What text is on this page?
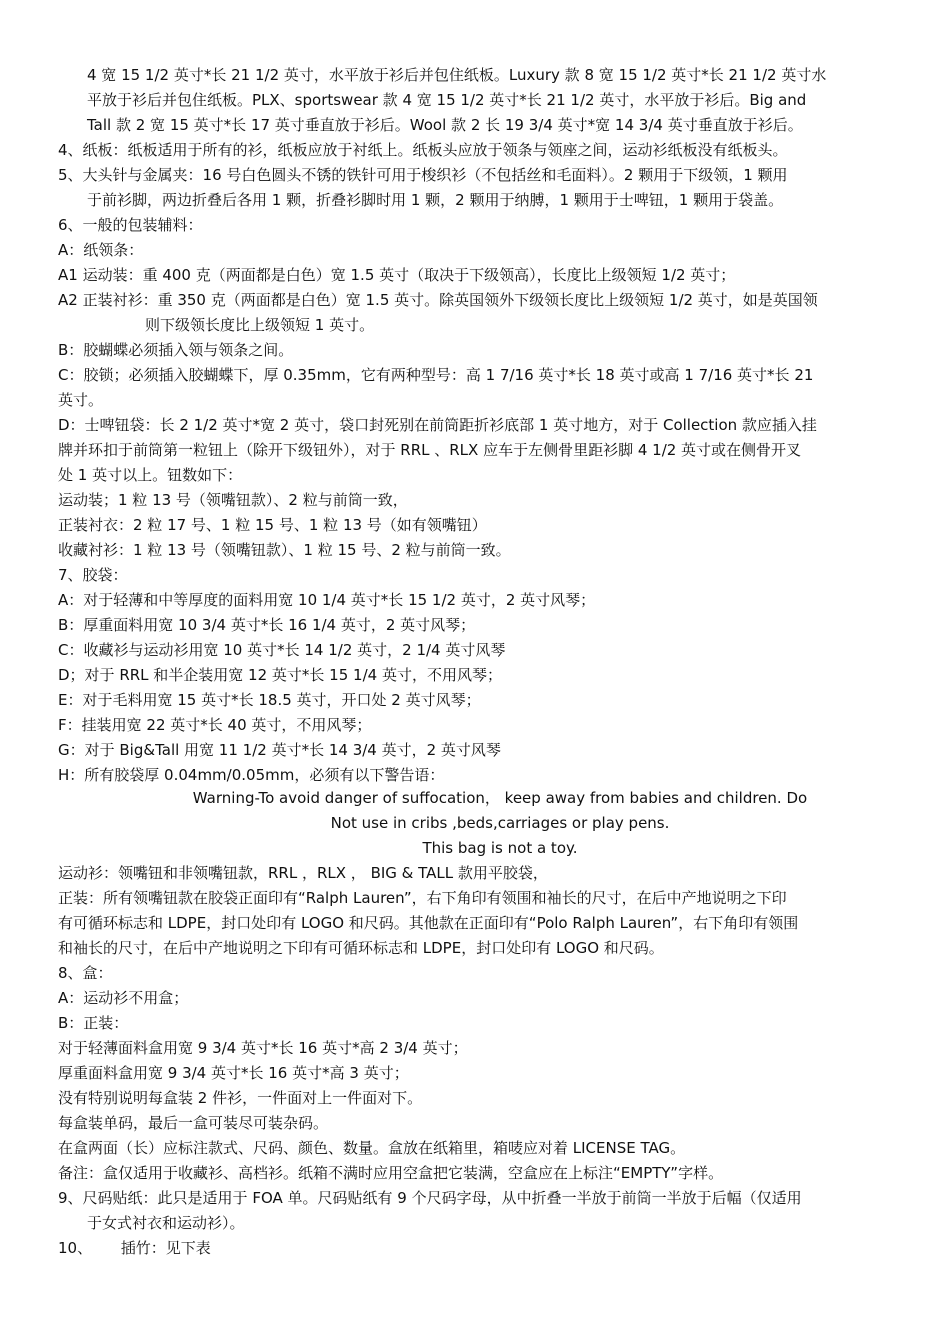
4 宽 15 1/2 英寸*长 21 1/2 英寸，水平放于衫后并包住纸板。Luxury 款 8 宽 15 1/2 英寸*长 21 1/2 英寸水
平放于衫后并包住纸板。PLX、sportswear 款 4 宽 15 1/2 英寸*长 21 1/2 英寸，水平放于衫后。Big and
Tall 款 2 宽 15 英寸*长 17 英寸垂直放于衫后。Wool 款 2 长 19 3/4 英寸*宽 14 3/4 英寸垂直放于衫后。
4、纸板：纸板适用于所有的衫，纸板应放于衬纸上。纸板头应放于领条与领座之间，运动衫纸板没有纸板头。
5、大头针与金属夹：16 号白色圆头不锈的铁针可用于梭织衫（不包括丝和毛面料）。2 颗用于下级领，1 颗用
于前衫脚，两边折叠后各用 1 颗，折叠衫脚时用 1 颗，2 颗用于纳膊，1 颗用于士啤钮，1 颗用于袋盖。
6、一般的包装辅料：
A：纸领条：
A1 运动装：重 400 克（两面都是白色）宽 1.5 英寸（取决于下级领高），长度比上级领短 1/2 英寸；
A2 正装衬衫：重 350 克（两面都是白色）宽 1.5 英寸。除英国领外下级领长度比上级领短 1/2 英寸，如是英国领
则下级领长度比上级领短 1 英寸。
B：胶蝴蝶必须插入领与领条之间。
C：胶锁；必须插入胶蝴蝶下，厚 0.35mm，它有两种型号：高 1 7/16 英寸*长 18 英寸或高 1 7/16 英寸*长 21
英寸。
D：士啤钮袋：长 2 1/2 英寸*宽 2 英寸，袋口封死别在前筒距折衫底部 1 英寸地方，对于 Collection 款应插入挂
牌并环扣于前筒第一粒钮上（除开下级钮外），对于 RRL 、RLX 应车于左侧骨里距衫脚 4 1/2 英寸或在侧骨开叉
处 1 英寸以上。钮数如下：
运动装；1 粒 13 号（领嘴钮款）、2 粒与前筒一致，
正装衬衣：2 粒 17 号、1 粒 15 号、1 粒 13 号（如有领嘴钮）
收藏衬衫：1 粒 13 号（领嘴钮款）、1 粒 15 号、2 粒与前筒一致。
7、胶袋：
A：对于轻薄和中等厚度的面料用宽 10 1/4 英寸*长 15 1/2 英寸，2 英寸风琴；
B：厚重面料用宽 10 3/4 英寸*长 16 1/4 英寸，2 英寸风琴；
C：收藏衫与运动衫用宽 10 英寸*长 14 1/2 英寸，2 1/4 英寸风琴
D；对于 RRL 和半企装用宽 12 英寸*长 15 1/4 英寸，不用风琴；
E：对于毛料用宽 15 英寸*长 18.5 英寸，开口处 2 英寸风琴；
F：挂装用宽 22 英寸*长 40 英寸，不用风琴；
G：对于 Big&Tall 用宽 11 1/2 英寸*长 14 3/4 英寸，2 英寸风琴
H：所有胶袋厚 0.04mm/0.05mm，必须有以下警告语：
Warning-To avoid danger of suffocation， keep away from babies and children. Do
Not use in cribs ,beds,carriages or play pens.
This bag is not a toy.
运动衫：领嘴钮和非领嘴钮款，RRL ，RLX ， BIG & TALL 款用平胶袋，
正装：所有领嘴钮款在胶袋正面印有“Ralph Lauren”，右下角印有领围和袖长的尺寸，在后中产地说明之下印
有可循环标志和 LDPE，封口处印有 LOGO 和尺码。其他款在正面印有“Polo Ralph Lauren”，右下角印有领围
和袖长的尺寸，在后中产地说明之下印有可循环标志和 LDPE，封口处印有 LOGO 和尺码。
8、盒：
A：运动衫不用盒；
B：正装：
对于轻薄面料盒用宽 9 3/4 英寸*长 16 英寸*高 2 3/4 英寸；
厚重面料盒用宽 9 3/4 英寸*长 16 英寸*高 3 英寸；
没有特别说明每盒装 2 件衫，一件面对上一件面对下。
每盒装单码，最后一盒可装尽可装杂码。
在盒两面（长）应标注款式、尺码、颜色、数量。盒放在纸箱里，箱唛应对着 LICENSE TAG。
备注：盒仅适用于收藏衫、高档衫。纸箱不满时应用空盒把它装满，空盒应在上标注“EMPTY”字样。
9、尺码贴纸：此只是适用于 FOA 单。尺码贴纸有 9 个尺码字母，从中折叠一半放于前筒一半放于后幅（仅适用
于女式衬衣和运动衫）。
10、      插竹：见下表
